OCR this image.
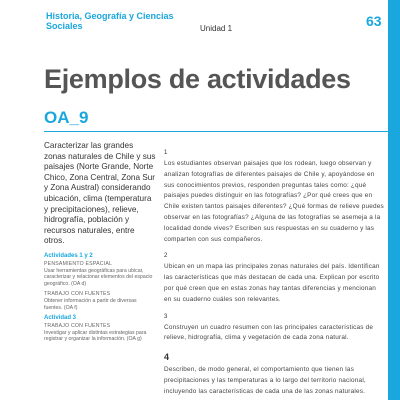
Historia, Geografía y Ciencias Sociales	Unidad 1	63
Ejemplos de actividades
OA_9

Caracterizar las grandes zonas naturales de Chile y sus paisajes (Norte Grande, Norte Chico, Zona Central, Zona Sur y Zona Austral) considerando ubicación, clima (temperatura y precipitaciones), relieve, hidrografía, población y recursos naturales, entre otros.

Actividades 1 y 2

PENSAMIENTO ESPACIAL
Usar herramientas geográficas para ubicar, caracterizar y relacionar elementos del espacio geográfico. (OA d)

TRABAJO CON FUENTES
Obtener información a partir de diversas fuentes. (OA f)

Actividad 3

TRABAJO CON FUENTES
Investigar y aplicar distintas estrategias para registrar y organizar la información. (OA g)

1
Los estudiantes observan paisajes que los rodean, luego observan y analizan fotografías de diferentes paisajes de Chile y, apoyándose en sus conocimientos previos, responden preguntas tales como: ¿qué paisajes puedes distinguir en las fotografías? ¿Por qué crees que en Chile existen tantos paisajes diferentes? ¿Qué formas de relieve puedes observar en las fotografías? ¿Alguna de las fotografías se asemeja a la localidad donde vives? Escriben sus respuestas en su cuaderno y las comparten con sus compañeros.
2
Ubican en un mapa las principales zonas naturales del país. Identifican las características que más destacan de cada una. Explican por escrito por qué creen que en estas zonas hay tantas diferencias y mencionan en su cuaderno cuáles son relevantes.
3
Construyen un cuadro resumen con las principales características de relieve, hidrografía, clima y vegetación de cada zona natural.
4
Describen, de modo general, el comportamiento que tienen las precipitaciones y las temperaturas a lo largo del territorio nacional, incluyendo las características de cada una de las zonas naturales.
